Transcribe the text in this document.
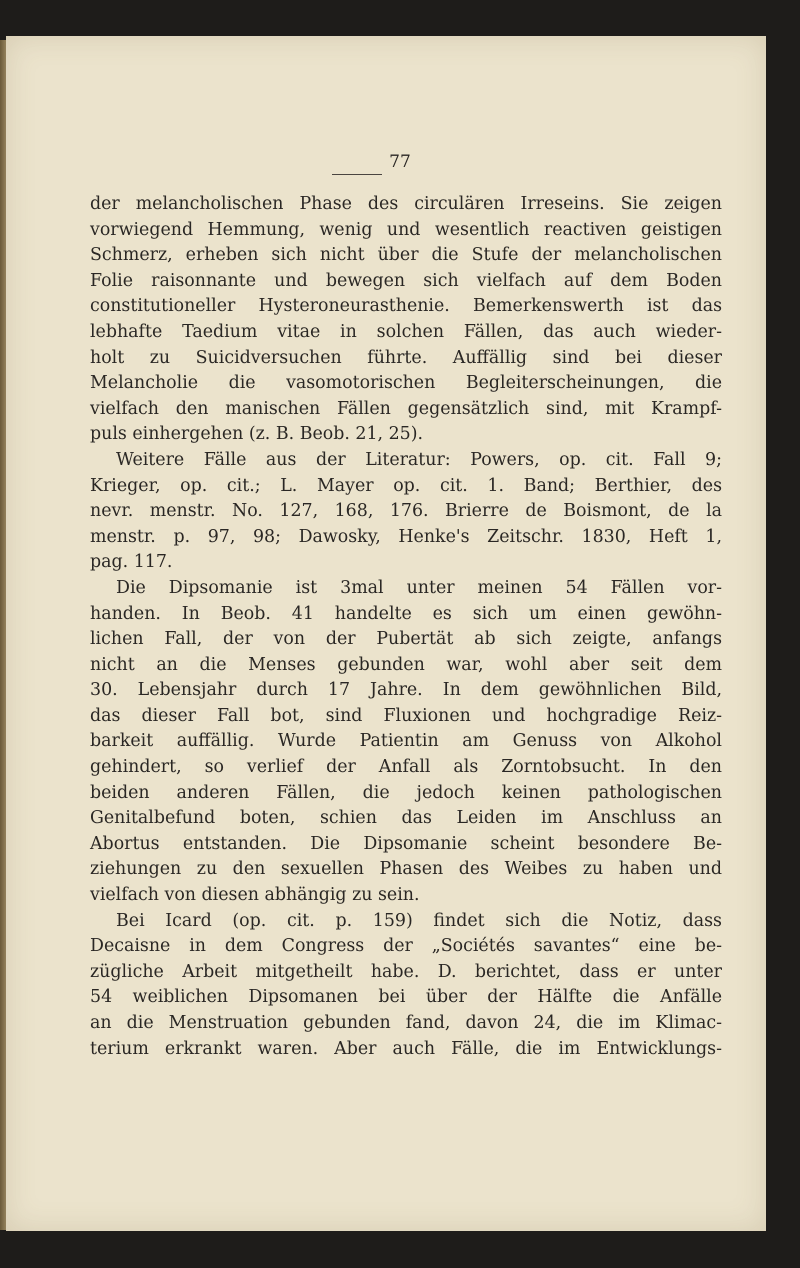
77
der melancholischen Phase des circulären Irreseins. Sie zeigen
vorwiegend Hemmung, wenig und wesentlich reactiven geistigen
Schmerz, erheben sich nicht über die Stufe der melancholischen
Folie raisonnante und bewegen sich vielfach auf dem Boden
constitutioneller Hysteroneurasthenie. Bemerkenswerth ist das
lebhafte Taedium vitae in solchen Fällen, das auch wieder-
holt zu Suicidversuchen führte. Auffällig sind bei dieser
Melancholie die vasomotorischen Begleiterscheinungen, die
vielfach den manischen Fällen gegensätzlich sind, mit Krampf-
puls einhergehen (z. B. Beob. 21, 25).
Weitere Fälle aus der Literatur: Powers, op. cit. Fall 9;
Krieger, op. cit.; L. Mayer op. cit. 1. Band; Berthier, des
nevr. menstr. No. 127, 168, 176. Brierre de Boismont, de la
menstr. p. 97, 98; Dawosky, Henke's Zeitschr. 1830, Heft 1,
pag. 117.
Die Dipsomanie ist 3mal unter meinen 54 Fällen vor-
handen. In Beob. 41 handelte es sich um einen gewöhn-
lichen Fall, der von der Pubertät ab sich zeigte, anfangs
nicht an die Menses gebunden war, wohl aber seit dem
30. Lebensjahr durch 17 Jahre. In dem gewöhnlichen Bild,
das dieser Fall bot, sind Fluxionen und hochgradige Reiz-
barkeit auffällig. Wurde Patientin am Genuss von Alkohol
gehindert, so verlief der Anfall als Zorntobsucht. In den
beiden anderen Fällen, die jedoch keinen pathologischen
Genitalbefund boten, schien das Leiden im Anschluss an
Abortus entstanden. Die Dipsomanie scheint besondere Be-
ziehungen zu den sexuellen Phasen des Weibes zu haben und
vielfach von diesen abhängig zu sein.
Bei Icard (op. cit. p. 159) findet sich die Notiz, dass
Decaisne in dem Congress der „Sociétés savantes“ eine be-
zügliche Arbeit mitgetheilt habe. D. berichtet, dass er unter
54 weiblichen Dipsomanen bei über der Hälfte die Anfälle
an die Menstruation gebunden fand, davon 24, die im Klimac-
terium erkrankt waren. Aber auch Fälle, die im Entwicklungs-
